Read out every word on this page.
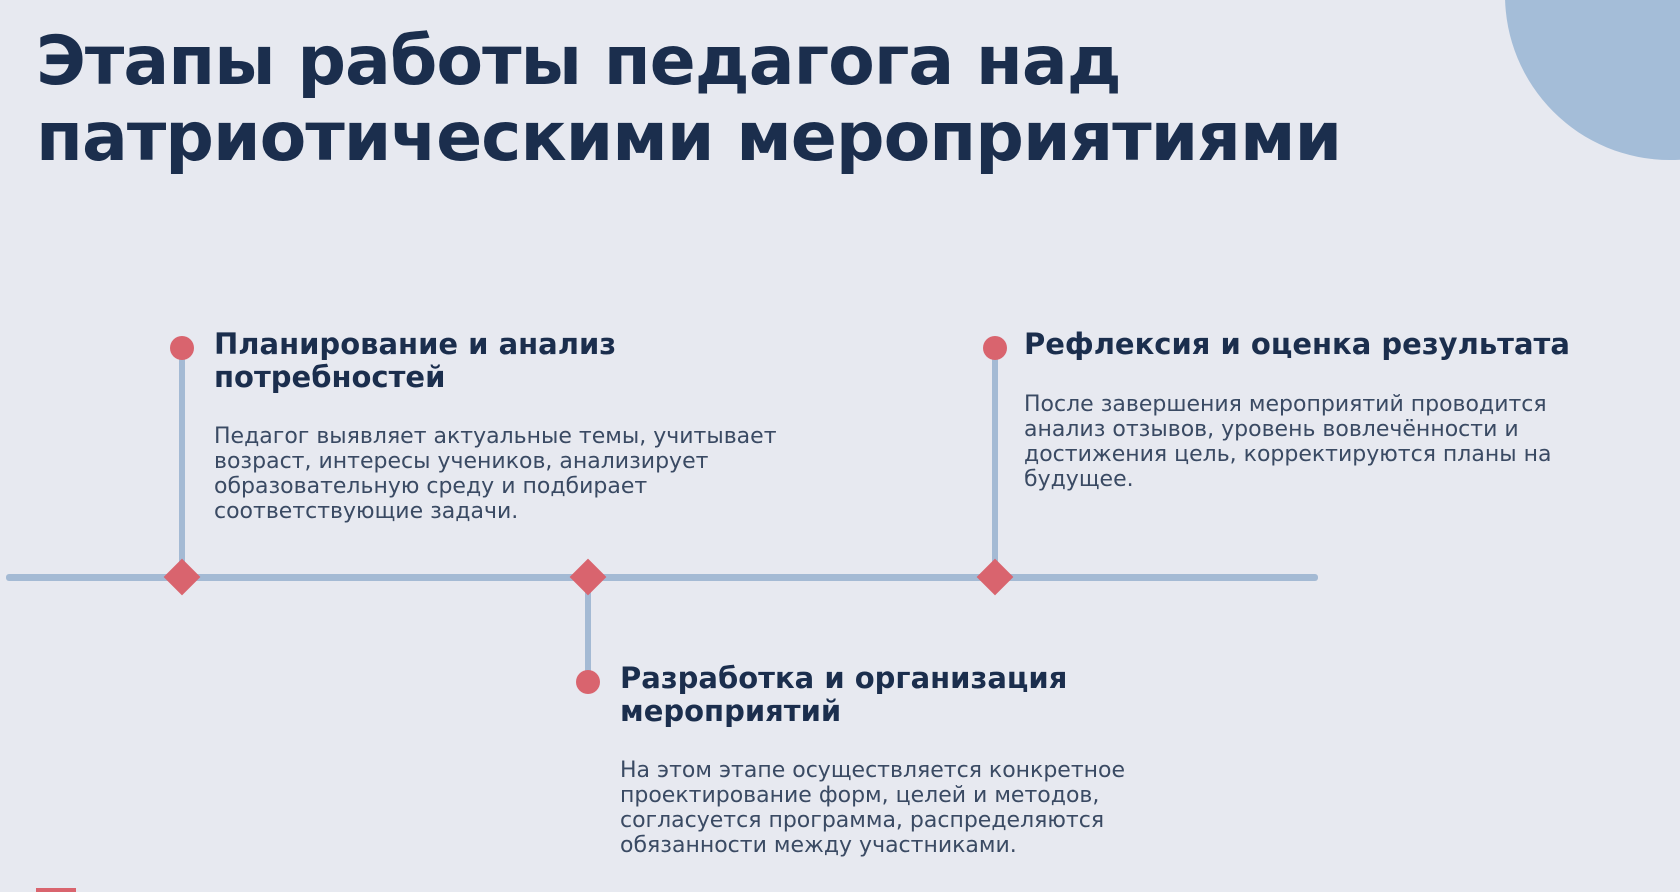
Этапы работы педагога над
патриотическими мероприятиями
Планирование и анализ
потребностей

Педагог выявляет актуальные темы, учитывает
возраст, интересы учеников, анализирует
образовательную среду и подбирает
соответствующие задачи.

Разработка и организация
мероприятий

На этом этапе осуществляется конкретное
проектирование форм, целей и методов,
согласуется программа, распределяются
обязанности между участниками.

Рефлексия и оценка результата

После завершения мероприятий проводится
анализ отзывов, уровень вовлечённости и
достижения цель, корректируются планы на
будущее.
